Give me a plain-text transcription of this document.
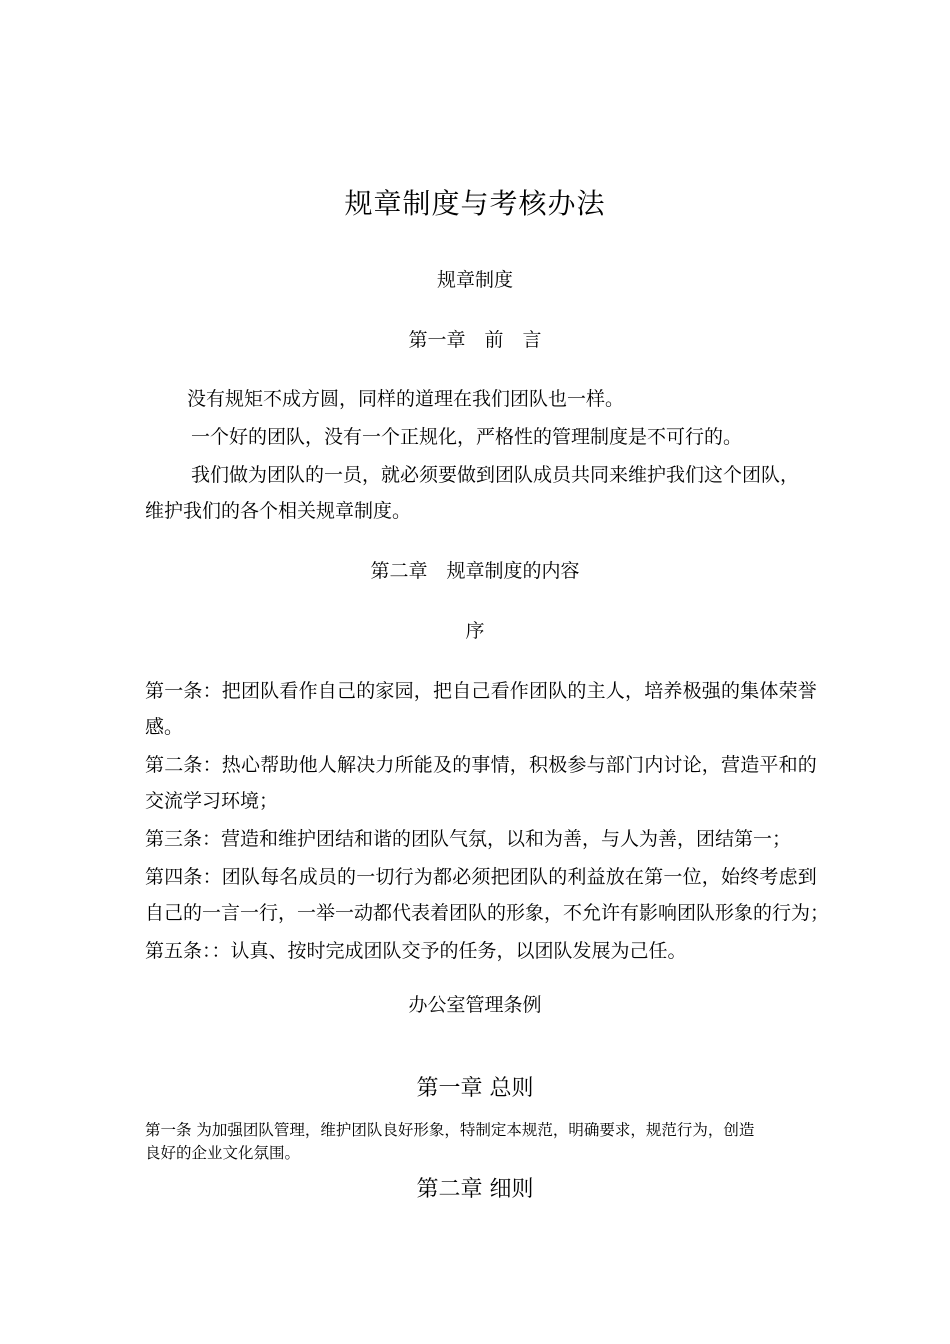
规章制度与考核办法
规章制度
第一章　前　言
没有规矩不成方圆，同样的道理在我们团队也一样。
一个好的团队，没有一个正规化，严格性的管理制度是不可行的。
我们做为团队的一员，就必须要做到团队成员共同来维护我们这个团队，
维护我们的各个相关规章制度。
第二章　规章制度的内容
序
第一条：把团队看作自己的家园，把自己看作团队的主人，培养极强的集体荣誉
感。
第二条：热心帮助他人解决力所能及的事情，积极参与部门内讨论，营造平和的
交流学习环境；
第三条：营造和维护团结和谐的团队气氛，以和为善，与人为善，团结第一；
第四条：团队每名成员的一切行为都必须把团队的利益放在第一位，始终考虑到
自己的一言一行，一举一动都代表着团队的形象，不允许有影响团队形象的行为；
第五条：：认真、按时完成团队交予的任务，以团队发展为己任。
办公室管理条例
第一章 总则
第一条 为加强团队管理，维护团队良好形象，特制定本规范，明确要求，规范行为，创造
良好的企业文化氛围。
第二章 细则
